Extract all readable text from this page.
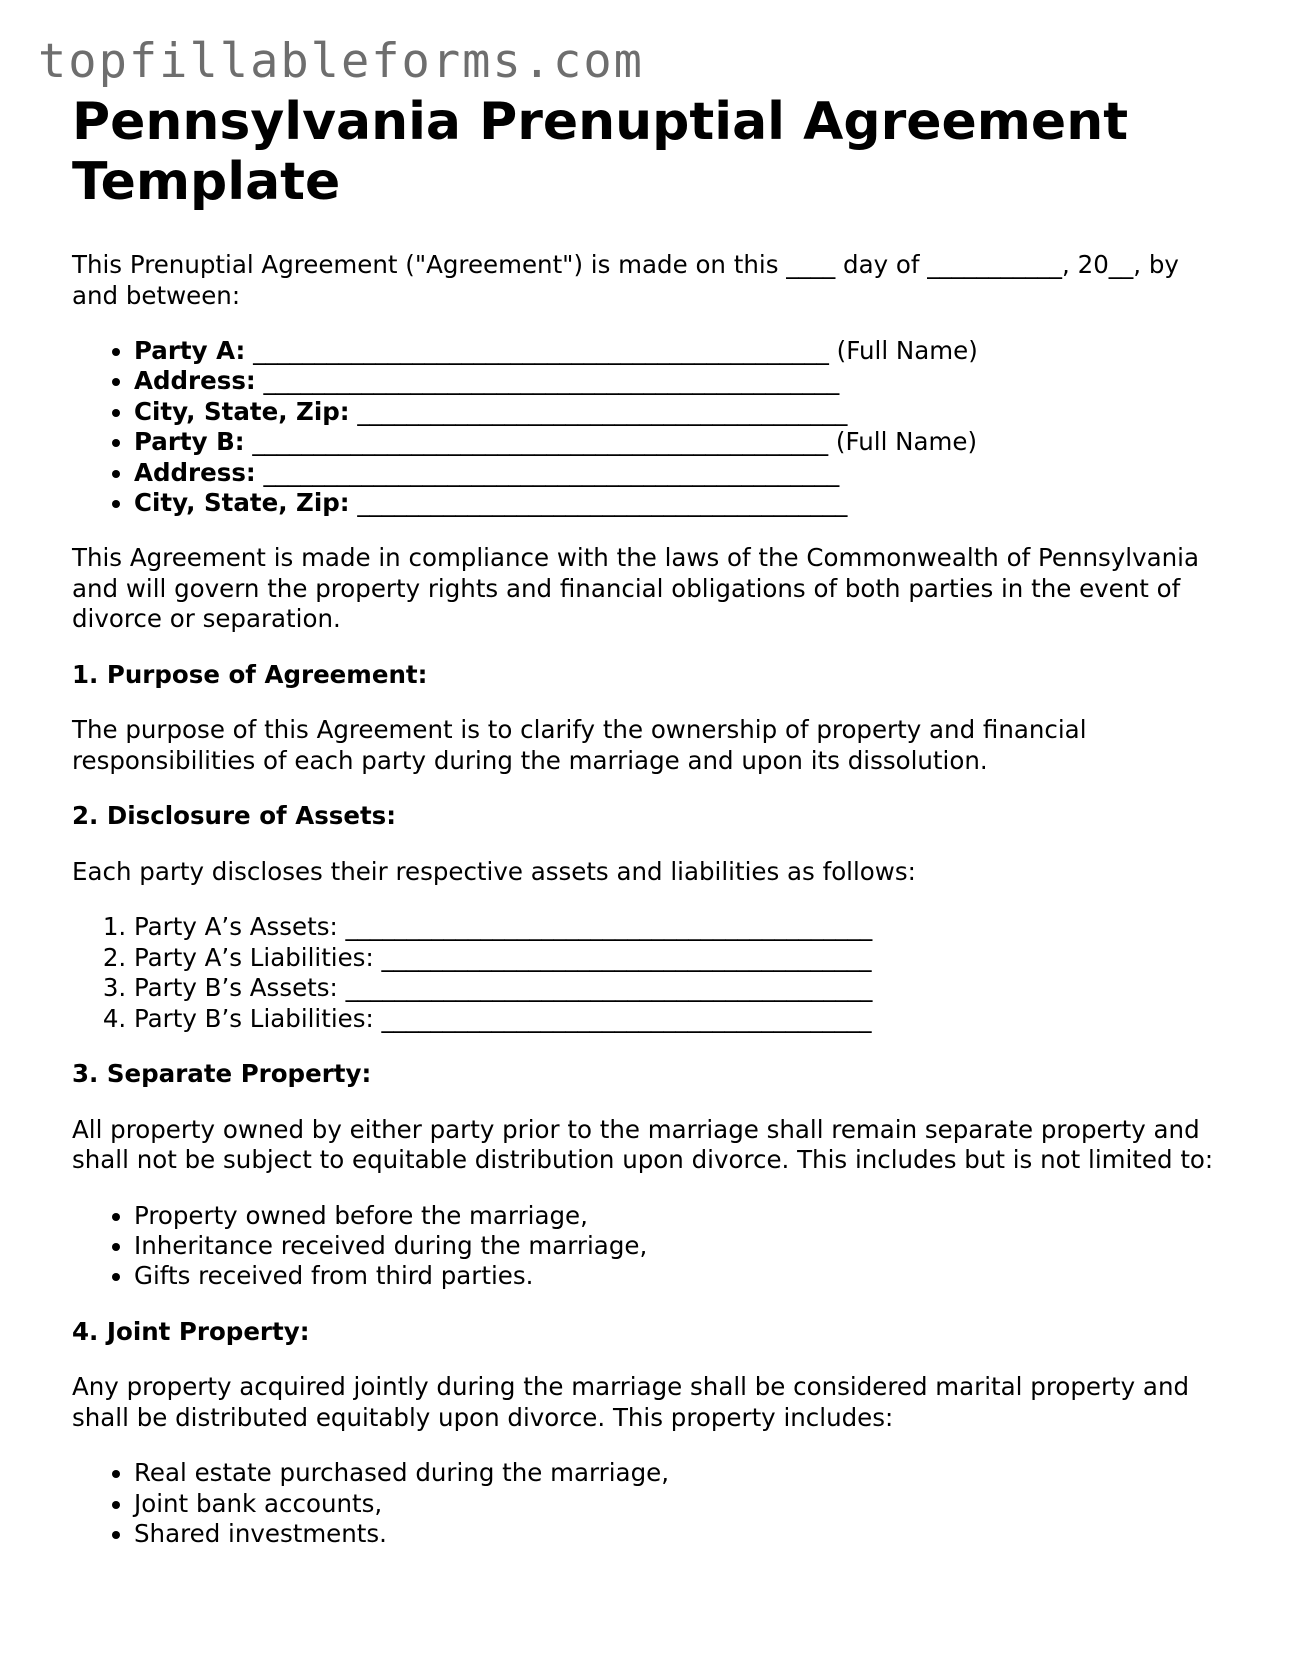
topfillableforms.com
Pennsylvania Prenuptial Agreement Template

This Prenuptial Agreement ("Agreement") is made on this ____ day of ___________, 20__, by and between:

• Party A: _______________________________________________ (Full Name)
• Address: _______________________________________________
• City, State, Zip: ________________________________________
• Party B: _______________________________________________ (Full Name)
• Address: _______________________________________________
• City, State, Zip: ________________________________________

This Agreement is made in compliance with the laws of the Commonwealth of Pennsylvania and will govern the property rights and financial obligations of both parties in the event of divorce or separation.

1. Purpose of Agreement:

The purpose of this Agreement is to clarify the ownership of property and financial responsibilities of each party during the marriage and upon its dissolution.

2. Disclosure of Assets:

Each party discloses their respective assets and liabilities as follows:

1. Party A’s Assets: ___________________________________________
2. Party A’s Liabilities: ________________________________________
3. Party B’s Assets: ___________________________________________
4. Party B’s Liabilities: ________________________________________

3. Separate Property:

All property owned by either party prior to the marriage shall remain separate property and shall not be subject to equitable distribution upon divorce. This includes but is not limited to:

• Property owned before the marriage,
• Inheritance received during the marriage,
• Gifts received from third parties.

4. Joint Property:

Any property acquired jointly during the marriage shall be considered marital property and shall be distributed equitably upon divorce. This property includes:

• Real estate purchased during the marriage,
• Joint bank accounts,
• Shared investments.
